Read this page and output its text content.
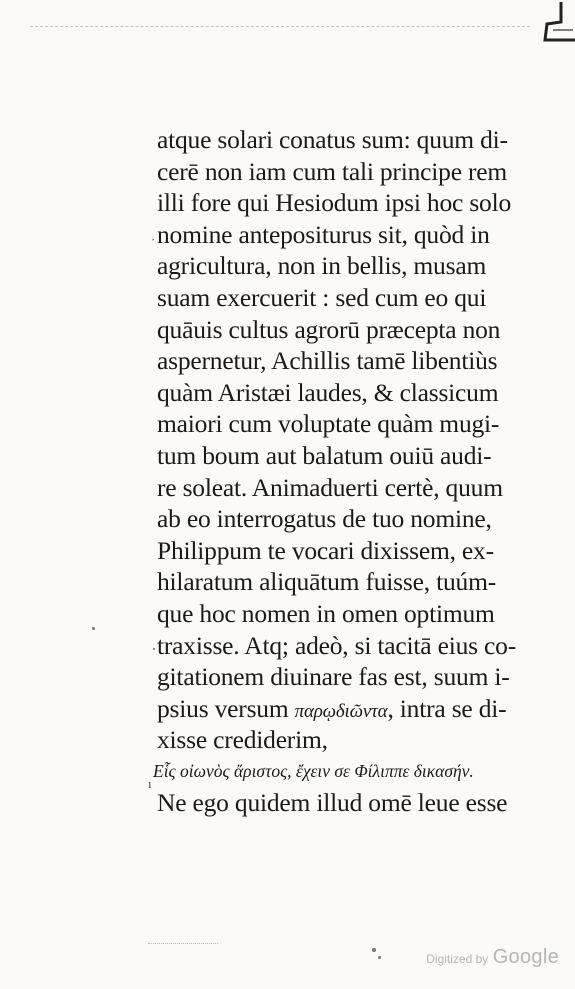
atque solari conatus sum: quum di-
cerē non iam cum tali principe rem
illi fore qui Hesiodum ipsi hoc solo
nomine antepositurus sit, quòd in
agricultura, non in bellis, musam
suam exercuerit : sed cum eo qui
quāuis cultus agrorū præcepta non
aspernetur, Achillis tamē libentiùs
quàm Aristæi laudes, & classicum
maiori cum voluptate quàm mugi-
tum boum aut balatum ouiū audi-
re soleat. Animaduerti certè, quum
ab eo interrogatus de tuo nomine,
Philippum te vocari dixissem, ex-
hilaratum aliquātum fuisse, tuúm-
que hoc nomen in omen optimum
traxisse. Atq; adeò, si tacitā eius co-
gitationem diuinare fas est, suum i-
psius versum παρῳδιῶντα, intra se di-
xisse crediderim,
Εἷς οἰωνὸς ἄριστος, ἔχειν σε Φίλιππε δικασήν.
Ne ego quidem illud omē leue esse
·
ı
Digitized by Google
